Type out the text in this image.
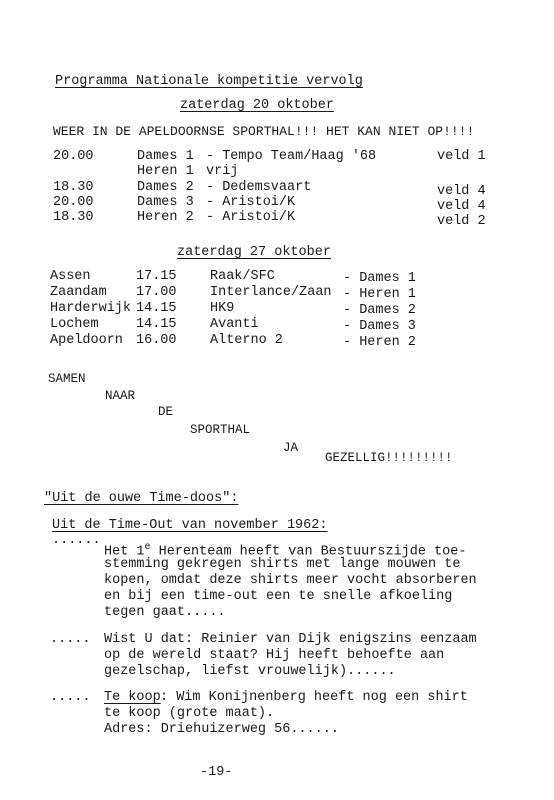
Programma Nationale kompetitie vervolg
zaterdag 20 oktober
WEER IN DE APELDOORNSE SPORTHAL!!! HET KAN NIET OP!!!!
20.00	Dames 1 - Tempo Team/Haag '68	veld 1
Heren 1 vrij
18.30	Dames 2 - Dedemsvaart	veld 4
20.00	Dames 3 - Aristoi/K	veld 4
18.30	Heren 2 - Aristoi/K	veld 2
zaterdag 27 oktober
Assen	17.15 Raak/SFC	- Dames 1
Zaandam 17.00 Interlance/Zaan - Heren 1
Harderwijk 14.15 HK9	- Dames 2
Lochem	14.15 Avanti	- Dames 3
Apeldoorn 16.00 Alterno 2	- Heren 2
SAMEN
NAAR
DE
SPORTHAL
JA
GEZELLIG!!!!!!!!!
"Uit de ouwe Time-doos":
Uit de Time-Out van november 1962:
......
Het 1e Herenteam heeft van Bestuurszijde toe-
stemming gekregen shirts met lange mouwen te
kopen, omdat deze shirts meer vocht absorberen
en bij een time-out een te snelle afkoeling
tegen gaat.....
..... Wist U dat: Reinier van Dijk enigszins eenzaam
op de wereld staat? Hij heeft behoefte aan
gezelschap, liefst vrouwelijk)......
..... Te koop : Wim Konijnenberg heeft nog een shirt
te koop (grote maat).
Adres: Driehuizerweg 56......
-19-
